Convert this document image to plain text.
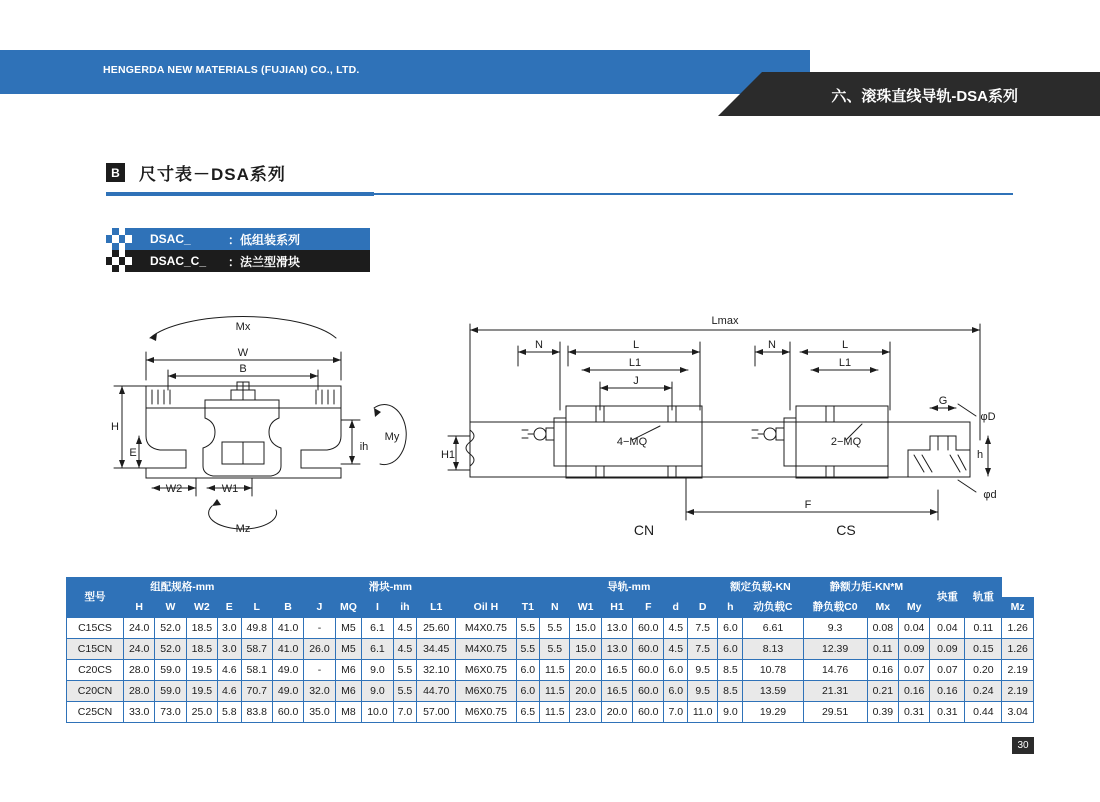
HENGERDA NEW MATERIALS (FUJIAN) CO., LTD.
六、滚珠直线导轨-DSA系列
B	尺寸表－DSA系列
DSAC_	：低组装系列
DSAC_C_	：法兰型滑块
Mx
W
B
H
E
W2	W1
ih
My
Mz
Lmax
N	L	N	L
L1	L1
J
H1
G
φD
h
φd
4−MQ	2−MQ
F
CN	CS
型号	组配规格-mm				滑块-mm									导轨-mm						额定负载-KN		静额力矩-KN*M			块重	轨重	
	H	W	W2	E	L	B	J	MQ	I	ih	L1	Oil H	T1	N	W1	H1	F	d	D	h	动负载C	静负载C0	Mx	My			Mz
C15CS	24.0	52.0	18.5	3.0	49.8	41.0	-	M5	6.1	4.5	25.60	M4X0.75	5.5	5.5	15.0	13.0	60.0	4.5	7.5	6.0	6.61	9.3	0.08	0.04	0.04	0.11	1.26
C15CN	24.0	52.0	18.5	3.0	58.7	41.0	26.0	M5	6.1	4.5	34.45	M4X0.75	5.5	5.5	15.0	13.0	60.0	4.5	7.5	6.0	8.13	12.39	0.11	0.09	0.09	0.15	1.26
C20CS	28.0	59.0	19.5	4.6	58.1	49.0	-	M6	9.0	5.5	32.10	M6X0.75	6.0	11.5	20.0	16.5	60.0	6.0	9.5	8.5	10.78	14.76	0.16	0.07	0.07	0.20	2.19
C20CN	28.0	59.0	19.5	4.6	70.7	49.0	32.0	M6	9.0	5.5	44.70	M6X0.75	6.0	11.5	20.0	16.5	60.0	6.0	9.5	8.5	13.59	21.31	0.21	0.16	0.16	0.24	2.19
C25CN	33.0	73.0	25.0	5.8	83.8	60.0	35.0	M8	10.0	7.0	57.00	M6X0.75	6.5	11.5	23.0	20.0	60.0	7.0	11.0	9.0	19.29	29.51	0.39	0.31	0.31	0.44	3.04
30
